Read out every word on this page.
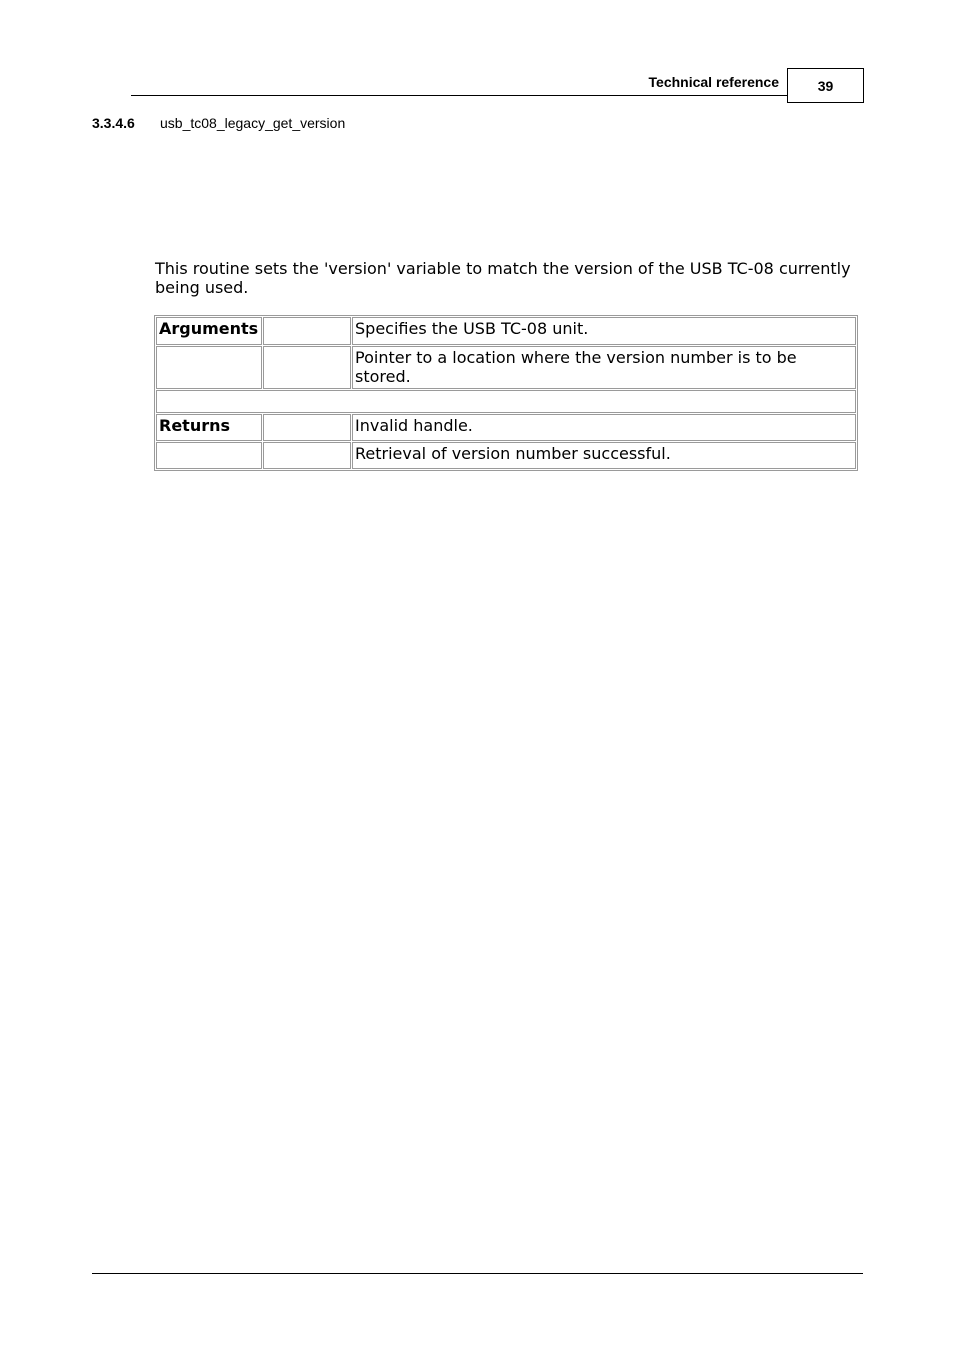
Technical reference	39
3.3.4.6	usb_tc08_legacy_get_version

This routine sets the 'version' variable to match the version of the USB TC-08 currently being used.

Arguments		Specifies the USB TC-08 unit.
		Pointer to a location where the version number is to be stored.

Returns		Invalid handle.
		Retrieval of version number successful.
